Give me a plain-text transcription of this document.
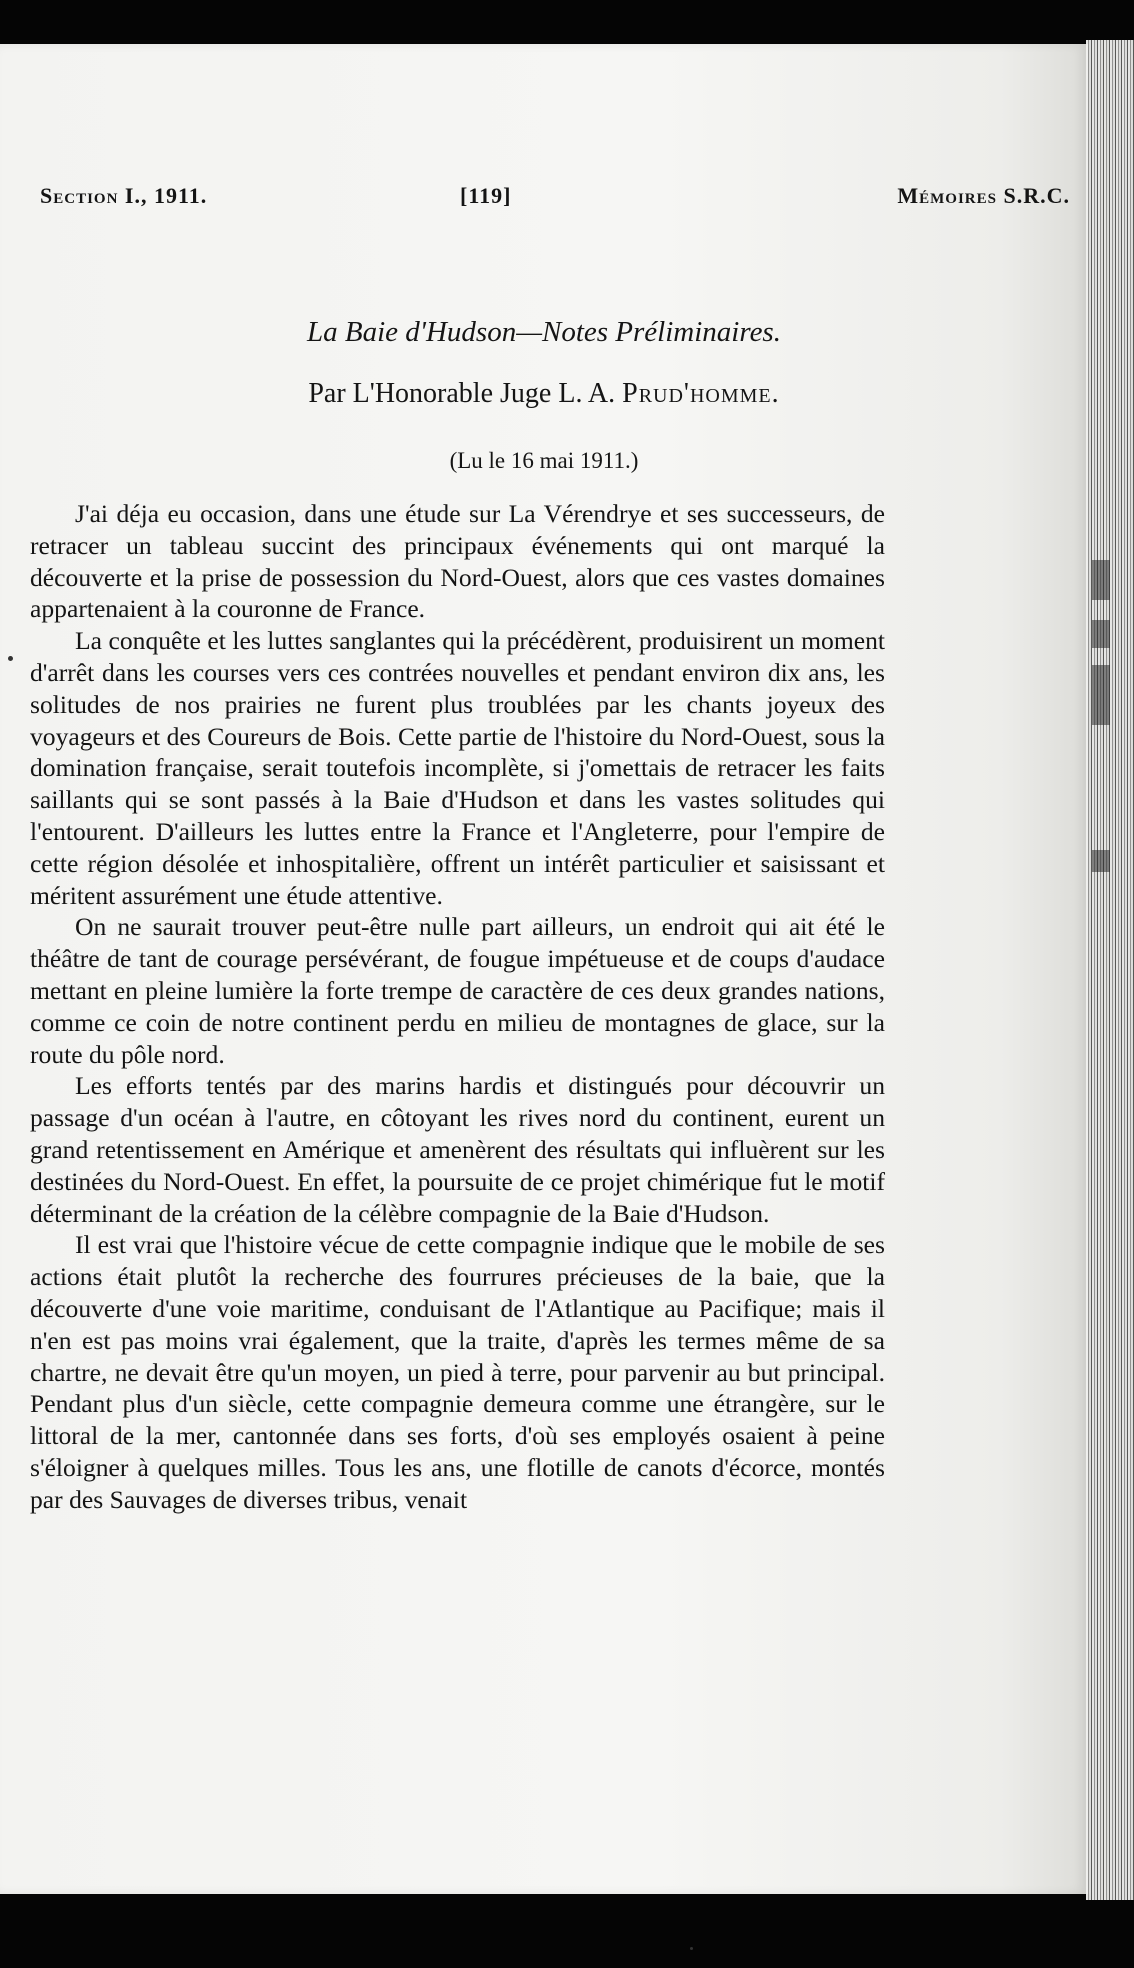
Section I., 1911.	[119]	Mémoires S.R.C.
La Baie d'Hudson—Notes Préliminaires.
Par L'Honorable Juge L. A. Prud'homme.
(Lu le 16 mai 1911.)

J'ai déja eu occasion, dans une étude sur La Vérendrye et ses successeurs, de retracer un tableau succint des principaux événements qui ont marqué la découverte et la prise de possession du Nord-Ouest, alors que ces vastes domaines appartenaient à la couronne de France.

La conquête et les luttes sanglantes qui la précédèrent, produisirent un moment d'arrêt dans les courses vers ces contrées nouvelles et pendant environ dix ans, les solitudes de nos prairies ne furent plus troublées par les chants joyeux des voyageurs et des Coureurs de Bois. Cette partie de l'histoire du Nord-Ouest, sous la domination française, serait toutefois incomplète, si j'omettais de retracer les faits saillants qui se sont passés à la Baie d'Hudson et dans les vastes solitudes qui l'entourent. D'ailleurs les luttes entre la France et l'Angleterre, pour l'empire de cette région désolée et inhospitalière, offrent un intérêt particulier et saisissant et méritent assurément une étude attentive.

On ne saurait trouver peut-être nulle part ailleurs, un endroit qui ait été le théâtre de tant de courage persévérant, de fougue impétueuse et de coups d'audace mettant en pleine lumière la forte trempe de caractère de ces deux grandes nations, comme ce coin de notre continent perdu en milieu de montagnes de glace, sur la route du pôle nord.

Les efforts tentés par des marins hardis et distingués pour découvrir un passage d'un océan à l'autre, en côtoyant les rives nord du continent, eurent un grand retentissement en Amérique et amenèrent des résultats qui influèrent sur les destinées du Nord-Ouest. En effet, la poursuite de ce projet chimérique fut le motif déterminant de la création de la célèbre compagnie de la Baie d'Hudson.

Il est vrai que l'histoire vécue de cette compagnie indique que le mobile de ses actions était plutôt la recherche des fourrures précieuses de la baie, que la découverte d'une voie maritime, conduisant de l'Atlantique au Pacifique; mais il n'en est pas moins vrai également, que la traite, d'après les termes même de sa chartre, ne devait être qu'un moyen, un pied à terre, pour parvenir au but principal. Pendant plus d'un siècle, cette compagnie demeura comme une étrangère, sur le littoral de la mer, cantonnée dans ses forts, d'où ses employés osaient à peine s'éloigner à quelques milles. Tous les ans, une flotille de canots d'écorce, montés par des Sauvages de diverses tribus, venait
